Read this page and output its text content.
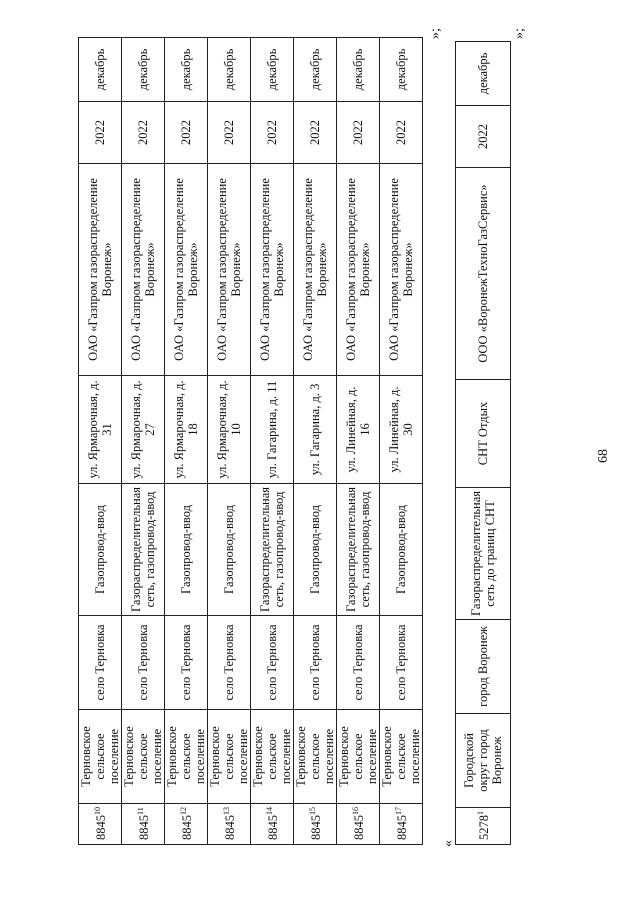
68
8845$^{10}$	Терновское сельское поселение	село Терновка	Газопровод-ввод	ул. Ярмарочная, д. 31	ОАО «Газпром газораспределение Воронеж»	2022	декабрь
8845$^{11}$	Терновское сельское поселение	село Терновка	Газораспределительная сеть, газопровод-ввод	ул. Ярмарочная, д. 27	ОАО «Газпром газораспределение Воронеж»	2022	декабрь
8845$^{12}$	Терновское сельское поселение	село Терновка	Газопровод-ввод	ул. Ярмарочная, д. 18	ОАО «Газпром газораспределение Воронеж»	2022	декабрь
8845$^{13}$	Терновское сельское поселение	село Терновка	Газопровод-ввод	ул. Ярмарочная, д. 10	ОАО «Газпром газораспределение Воронеж»	2022	декабрь
8845$^{14}$	Терновское сельское поселение	село Терновка	Газораспределительная сеть, газопровод-ввод	ул. Гагарина, д. 11	ОАО «Газпром газораспределение Воронеж»	2022	декабрь
8845$^{15}$	Терновское сельское поселение	село Терновка	Газопровод-ввод	ул. Гагарина, д. 3	ОАО «Газпром газораспределение Воронеж»	2022	декабрь
8845$^{16}$	Терновское сельское поселение	село Терновка	Газораспределительная сеть, газопровод-ввод	ул. Линейная, д. 16	ОАО «Газпром газораспределение Воронеж»	2022	декабрь
8845$^{17}$	Терновское сельское поселение	село Терновка	Газопровод-ввод	ул. Линейная, д. 30	ОАО «Газпром газораспределение Воронеж»	2022	декабрь
«
»;
5278$^1$	Городской округ город Воронеж	город Воронеж	Газораспределительная сеть до границ СНТ	СНТ Отдых	ООО «ВоронежТехноГазСервис»	2022	декабрь
»;
